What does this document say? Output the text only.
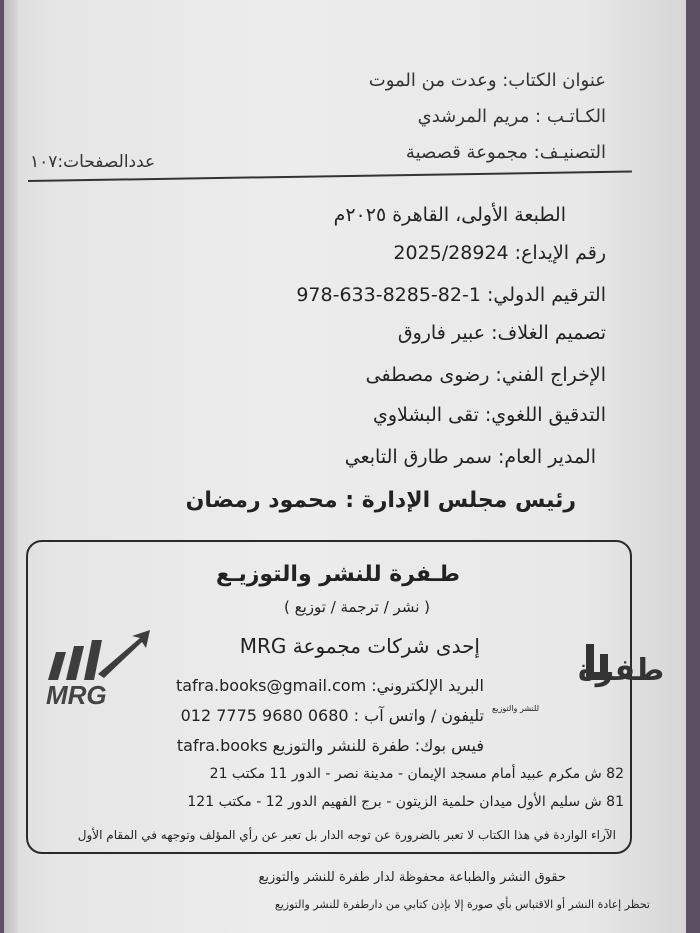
عنوان الكتاب: وعدت من الموت
الكـاتـب : مريم المرشدي
التصنيـف: مجموعة قصصية
عددالصفحات:١٠٧
الطبعة الأولى، القاهرة ٢٠٢٥م
رقم الإيداع: 2025/28924
الترقيم الدولي: 1-82-8285-633-978
تصميم الغلاف: عبير فاروق
الإخراج الفني: رضوى مصطفى
التدقيق اللغوي: تقى البشلاوي
المدير العام: سمر طارق التابعي
رئيس مجلس الإدارة : محمود رمضان
طـفرة للنشر والتوزيـع
( نشر / ترجمة / توزيع )
إحدى شركات مجموعة MRG
MRG
طفرة
للنشر والتوزيع
البريد الإلكتروني: tafra.books@gmail.com
تليفون / واتس آب : 0680 9680 7775 012
فيس بوك: طفرة للنشر والتوزيع tafra.books
82 ش مكرم عبيد أمام مسجد الإيمان - مدينة نصر - الدور 11 مكتب 21
81 ش سليم الأول ميدان حلمية الزيتون - برج الفهيم الدور 12 - مكتب 121
الآراء الواردة في هذا الكتاب لا تعبر بالضرورة عن توجه الدار بل تعبر عن رأي المؤلف وتوجهه في المقام الأول
حقوق النشر والطباعة محفوظة لدار طفرة للنشر والتوزيع
تحظر إعادة النشر أو الاقتباس بأي صورة إلا بإذن كتابي من دارطفرة للنشر والتوزيع
